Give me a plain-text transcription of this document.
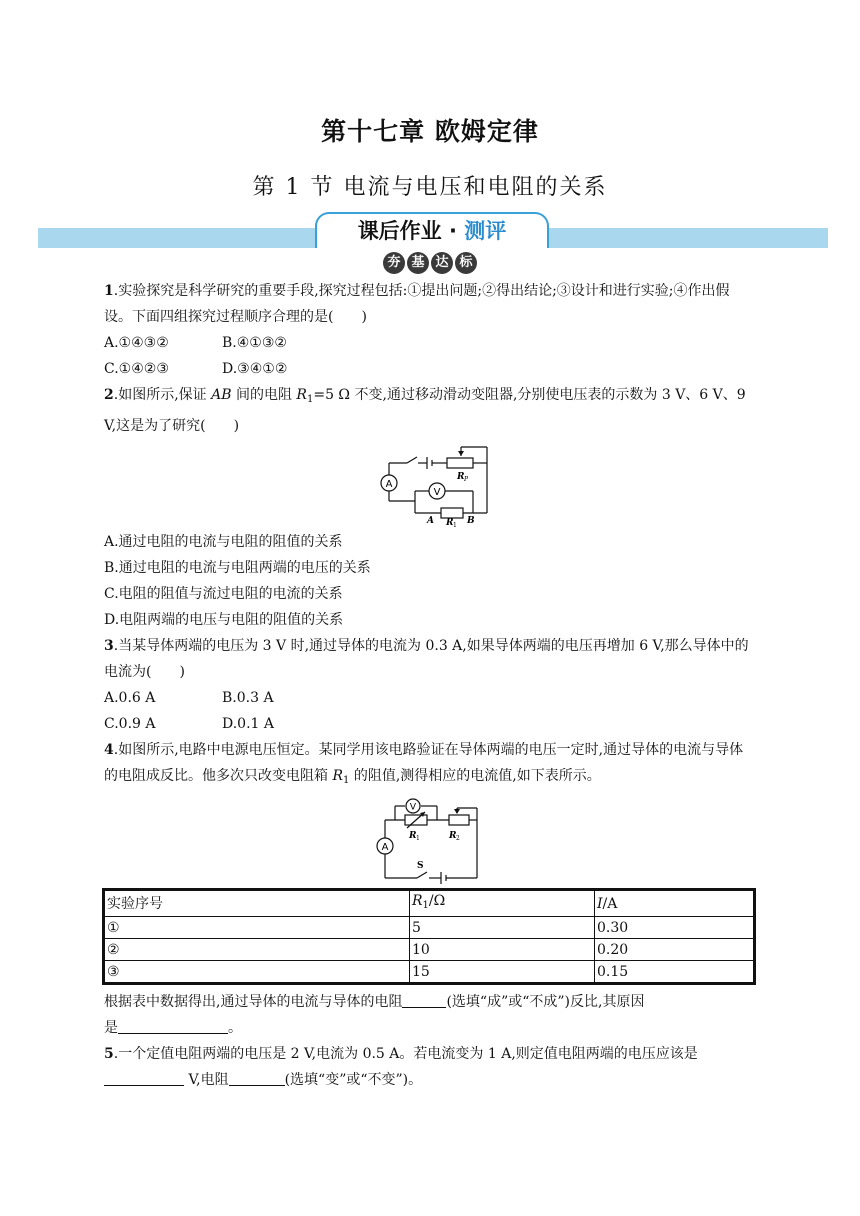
第十七章 欧姆定律
第 1 节 电流与电压和电阻的关系
课后作业 · 测评
夯 基 达 标

1.实验探究是科学研究的重要手段,探究过程包括:①提出问题;②得出结论;③设计和进行实验;④作出假设。下面四组探究过程顺序合理的是(　　)

A.①④③②	B.④①③②
C.①④②③	D.③④①②

2.如图所示,保证 AB 间的电阻 $R_1=5$ Ω 不变,通过移动滑动变阻器,分别使电压表的示数为 3 V、6 V、9 V,这是为了研究(　　)

A
V
R P
A R 1 B

A.通过电阻的电流与电阻的阻值的关系

B.通过电阻的电流与电阻两端的电压的关系

C.电阻的阻值与流过电阻的电流的关系

D.电阻两端的电压与电阻的阻值的关系

3.当某导体两端的电压为 3 V 时,通过导体的电流为 0.3 A,如果导体两端的电压再增加 6 V,那么导体中的电流为(　　)

A.0.6 A	B.0.3 A
C.0.9 A	D.0.1 A

4.如图所示,电路中电源电压恒定。某同学用该电路验证在导体两端的电压一定时,通过导体的电流与导体的电阻成反比。他多次只改变电阻箱 $R_1$ 的阻值,测得相应的电流值,如下表所示。

V
A
R 1	R 2
S
实验序号	$R_1/\Omega$	I/A
①	5	0.30
②	10	0.20
③	15	0.15

根据表中数据得出,通过导体的电流与导体的电阻	(选填“成”或“不成”)反比,其原因

是	。

5.一个定值电阻两端的电压是 2 V,电流为 0.5 A。若电流变为 1 A,则定值电阻两端的电压应该是

V,电阻	(选填“变”或“不变”)。
